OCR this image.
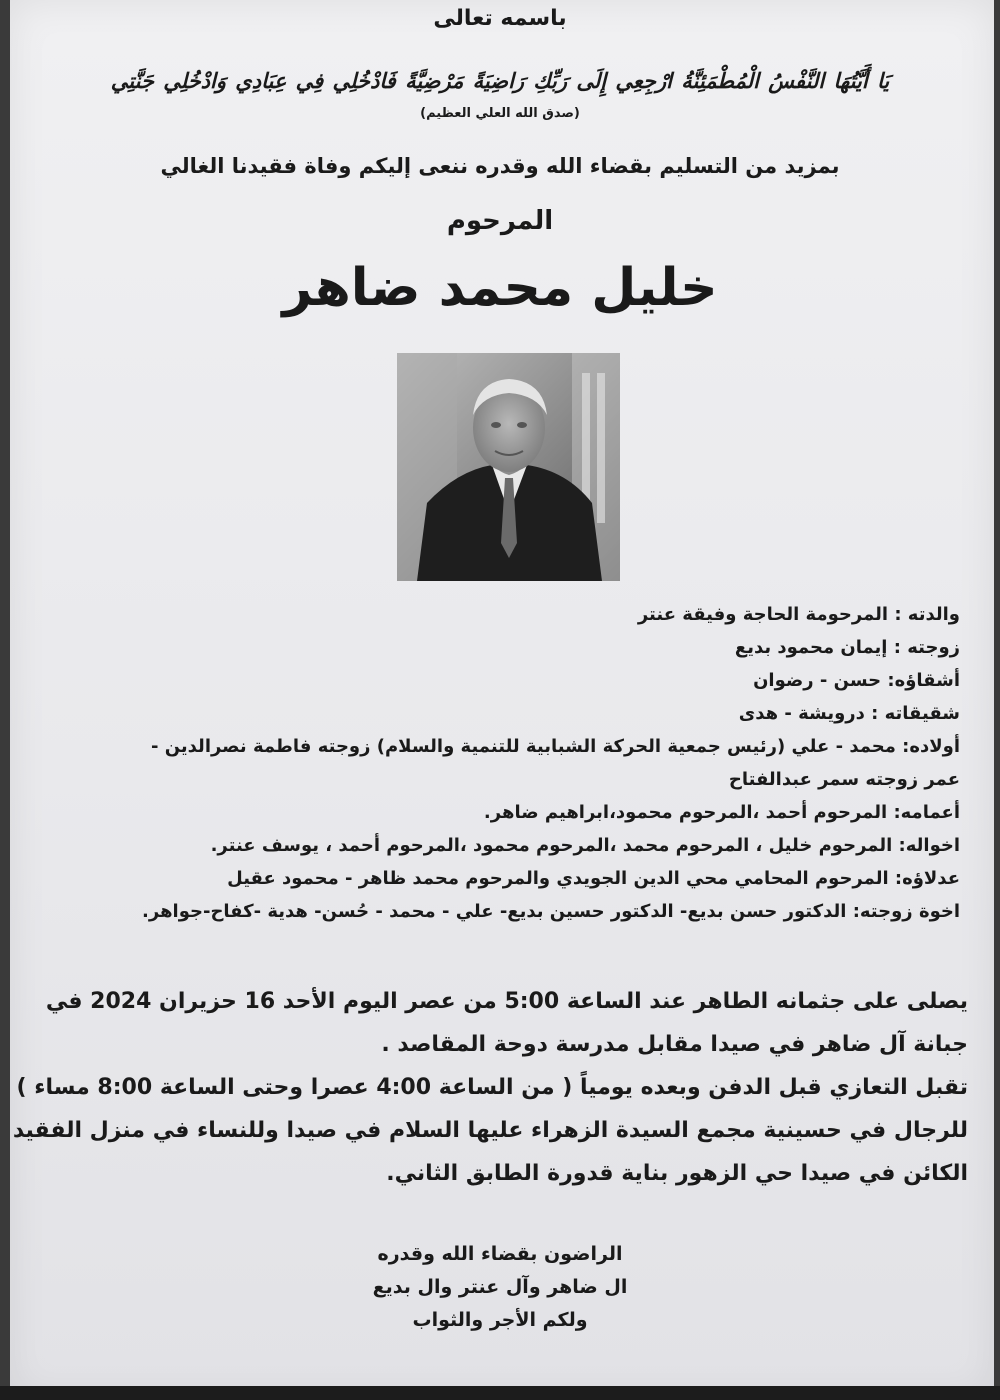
باسمه تعالى
يَا أَيَّتُهَا النَّفْسُ الْمُطْمَئِنَّةُ ارْجِعِي إِلَى رَبِّكِ رَاضِيَةً مَرْضِيَّةً فَادْخُلِي فِي عِبَادِي وَادْخُلِي جَنَّتِي
(صدق الله العلي العظيم)
بمزيد من التسليم بقضاء الله وقدره ننعى إليكم وفاة فقيدنا الغالي
المرحوم
خليل محمد ضاهر
والدته : المرحومة الحاجة وفيقة عنتر
زوجته : إيمان محمود بديع
أشقاؤه: حسن - رضوان
شقيقاته : درويشة - هدى
أولاده: محمد - علي (رئيس جمعية الحركة الشبابية للتنمية والسلام) زوجته فاطمة نصرالدين -
عمر زوجته سمر عبدالفتاح
أعمامه: المرحوم أحمد ،المرحوم محمود،ابراهيم ضاهر.
اخواله: المرحوم خليل ، المرحوم محمد ،المرحوم محمود ،المرحوم أحمد ، يوسف عنتر.
عدلاؤه: المرحوم المحامي محي الدين الجويدي والمرحوم محمد ظاهر - محمود عقيل
اخوة زوجته: الدكتور حسن بديع- الدكتور حسين بديع- علي - محمد - حُسن- هدية -كفاح-جواهر.
يصلى على جثمانه الطاهر عند الساعة 5:00 من عصر اليوم الأحد 16 حزيران 2024 في
جبانة آل ضاهر في صيدا مقابل مدرسة دوحة المقاصد .
تقبل التعازي قبل الدفن وبعده يومياً ( من الساعة 4:00 عصرا وحتى الساعة 8:00 مساء )
للرجال في حسينية مجمع السيدة الزهراء عليها السلام في صيدا وللنساء في منزل الفقيد
الكائن في صيدا حي الزهور بناية قدورة الطابق الثاني.
الراضون بقضاء الله وقدره
ال ضاهر وآل عنتر وال بديع
ولكم الأجر والثواب
